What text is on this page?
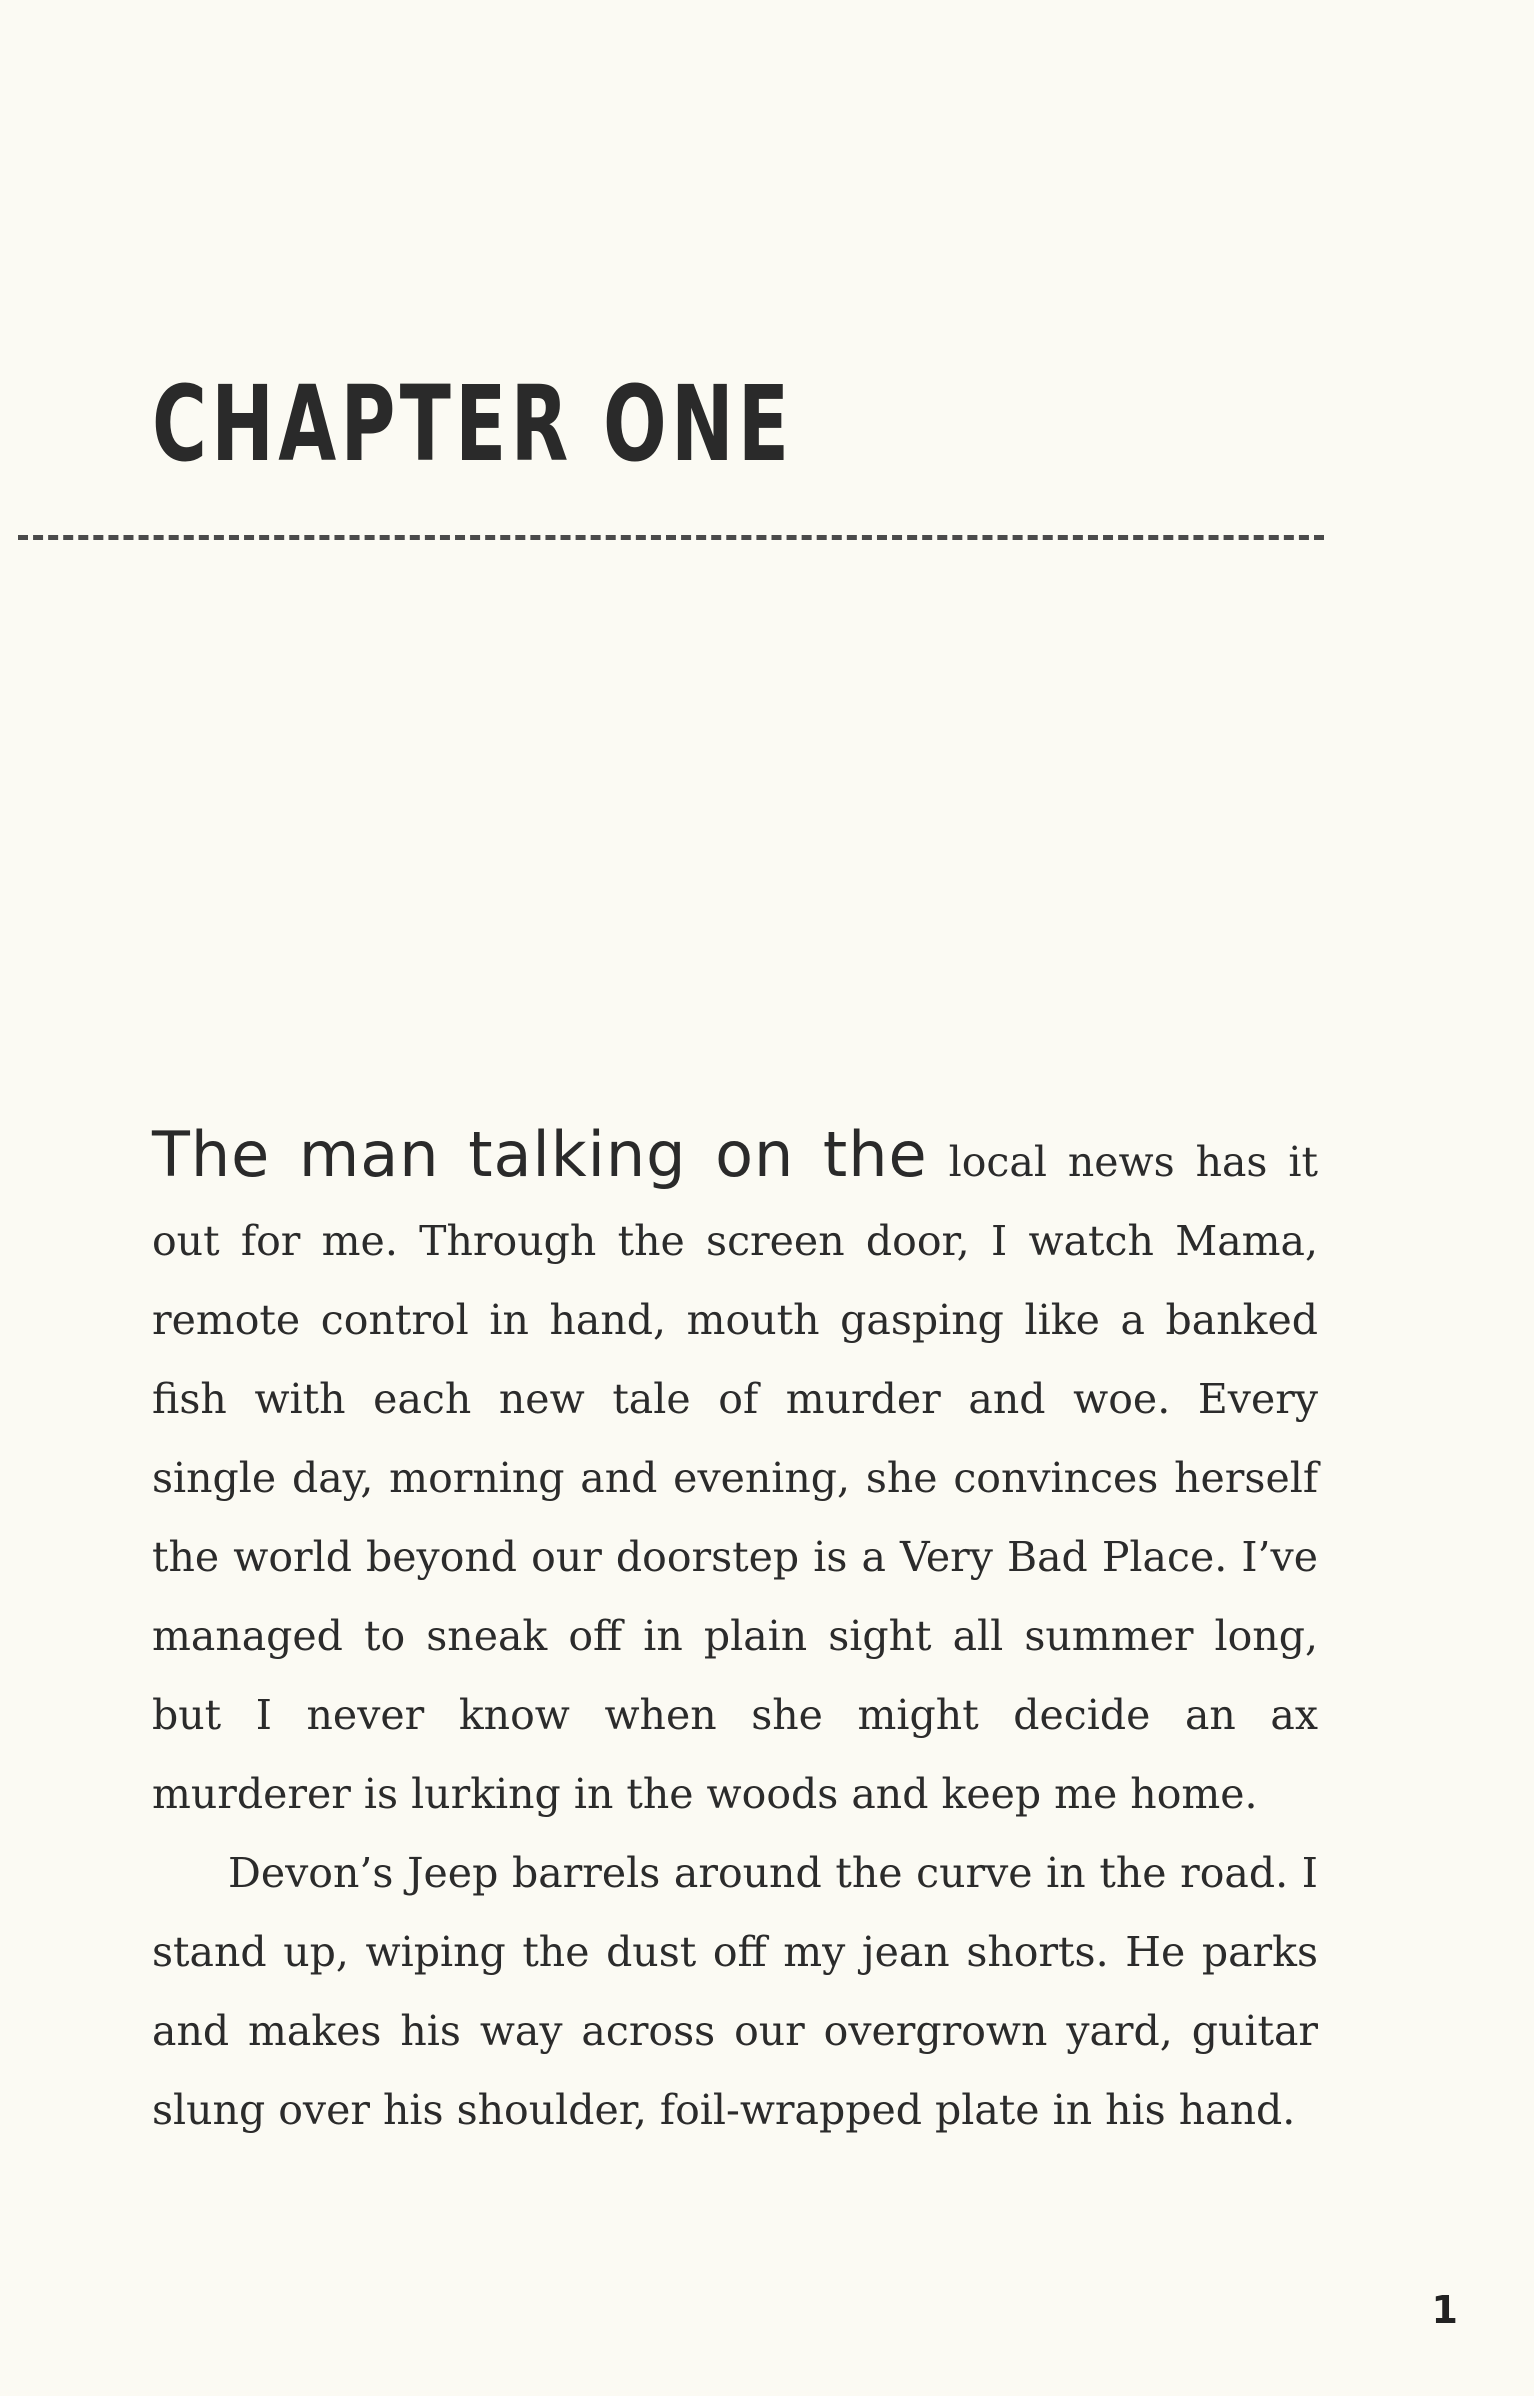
CHAPTER ONE

The man talking on the local news has it out for me. Through the screen door, I watch Mama, remote control in hand, mouth gasping like a banked fish with each new tale of murder and woe. Every single day, morning and evening, she convinces herself the world beyond our doorstep is a Very Bad Place. I’ve managed to sneak off in plain sight all summer long, but I never know when she might decide an ax murderer is lurking in the woods and keep me home.

Devon’s Jeep barrels around the curve in the road. I stand up, wiping the dust off my jean shorts. He parks and makes his way across our overgrown yard, guitar slung over his shoulder, foil-wrapped plate in his hand.

1
